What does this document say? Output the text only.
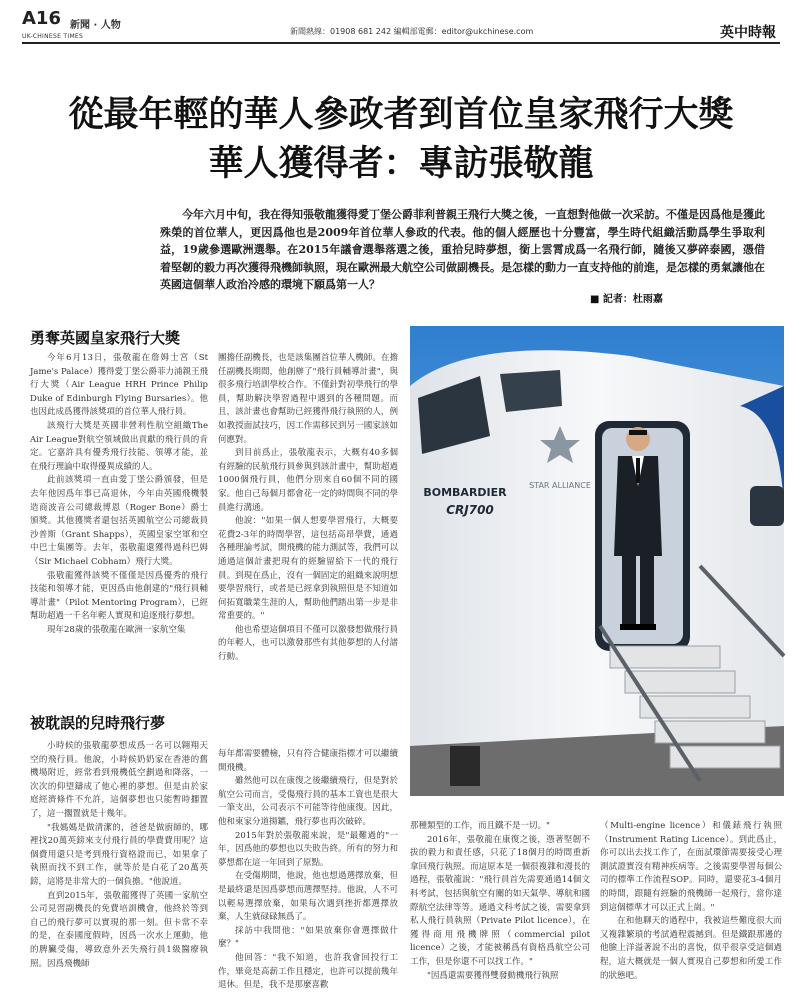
A16 新聞 · 人物
UK-CHINESE TIMES
新聞熱線：01908 681 242 編輯部電郵：editor@ukchinese.com	英中時報
從最年輕的華人參政者到首位皇家飛行大獎
華人獲得者：專訪張敬龍
今年六月中旬，我在得知張敬龍獲得愛丁堡公爵菲利普親王飛行大獎之後，一直想對他做一次采訪。不僅是因爲他是獲此殊榮的首位華人，更因爲他也是2009年首位華人參政的代表。他的個人經歷也十分豐富，學生時代組織活動爲學生爭取利益，19歲參選歐洲選舉。在2015年議會選舉落選之後，重拾兒時夢想，銜上雲霄成爲一名飛行師，隨後又夢碎泰國，憑借着堅韌的毅力再次獲得飛機師執照，現在歐洲最大航空公司做副機長。是怎樣的動力一直支持他的前進，是怎樣的勇氣讓他在英國這個華人政治冷感的環境下願爲第一人？
■ 記者：杜雨嘉
勇奪英國皇家飛行大獎

今年6月13日，張敬龍在詹姆士宮（St Jame's Palace）獲得愛丁堡公爵菲力浦親王飛行大獎（Air League HRH Prince Philip Duke of Edinburgh Flying Bursaries）。他也因此成爲獲得該獎項的首位華人飛行員。

該飛行大獎是英國非營利性航空組織The Air League對航空領域做出貢獻的飛行員的肯定。它嘉許具有優秀飛行技能、領導才能，並在飛行理論中取得優異成績的人。

此前該獎項一直由愛丁堡公爵頒發，但是去年他因爲年事已高退休，今年由英國飛機製造商波音公司總裁博恩（Roger Bone）爵士頒獎。其他獲獎者還包括英國航空公司總裁員沙普斯（Grant Shapps），英國皇家空軍和空中巴士集團等。去年，張敬龍還獲得過科巴姆（Sir Michael Cobham）飛行大獎。

張敬龍獲得該獎不僅僅是因爲優秀的飛行技能和領導才能，更因爲由他創建的"飛行員輔導計畫"（Pilot Mentoring Program），已經幫助超過一千名年輕人實現和追逐飛行夢想。

現年28歲的張敬龍在歐洲一家航空集

團擔任副機長，也是該集團首位華人機師。在擔任副機長期間，他創辦了"飛行員輔導計畫"，與很多飛行培訓學校合作。不僅針對初學飛行的學員，幫助解決學習過程中遇到的各種問題。而且，該計畫也會幫助已經獲得飛行執照的人，例如教授面試技巧，因工作需移民到另一國家該如何應對。

到目前爲止，張敬龍表示，大概有40多個有經驗的民航飛行員參與到該計畫中，幫助超過1000個飛行員，他們分別來自60個不同的國家。他自己每個月都會花一定的時間與不同的學員進行溝通。

他說："如果一個人想要學習飛行，大概要花費2-3年的時間學習，這包括高昂學費，通過各種理論考試，開飛機的能力測試等，我們可以通過這個計畫把現有的經驗留給下一代的飛行員。到現在爲止，沒有一個固定的組織來說明想要學習飛行，或者是已經拿到執照但是不知道如何拓寬職業生涯的人，幫助他們踏出第一步是非常重要的。"

他也希望這個項目不僅可以激發想做飛行員的年輕人，也可以激發那些有其他夢想的人付諸行動。

STAR ALLIANCE
BOMBARDIER
CRJ700
被耽誤的兒時飛行夢

小時候的張敬龍夢想成爲一名可以翱翔天空的飛行員。他說，小時候奶奶家在香港的舊機場附近，經常看到飛機低空劃過和降落，一次次的仰望鑄成了他心裡的夢想。但是由於家庭經濟條件不允許，這個夢想也只能暫時擱置了，這一擱置就是十幾年。

"我媽媽是做清潔的，爸爸是做廚師的，哪裡找20萬英鎊來支付飛行員的學費費用呢？這個費用還只是考到飛行資格證而已，如果拿了執照而找不到工作，就等於是白花了20萬英鎊，這將是非常大的一個負擔。"他說道。

直到2015年，張敬龍獲得了英國一家航空公司見習副機長的免費培訓機會，他終於等到自己的飛行夢可以實現的那一刻。但卡常不幸的是，在泰國度假時，因爲一次水上運動，他的脾臟受傷，導致意外丟失飛行員1級醫療執照。因爲飛機師

每年都需要體檢，只有符合健康指標才可以繼續開飛機。

雖然他可以在康復之後繼續飛行，但是對於航空公司而言，受傷飛行員的基本工資也是很大一筆支出，公司表示不可能等待他康復。因此，他和東家分道揚鑣，飛行夢也再次破碎。

2015年對於張敬龍來說，是"最難過的"一年，因爲他的夢想也以失敗告終。所有的努力和夢想都在這一年回到了原點。

在受傷期間，他說，他也想過選擇放棄，但是最終還是因爲夢想而選擇堅持。他說，人不可以輕易選擇放棄，如果每次遇到挫折都選擇放棄，人生就碌碌無爲了。

採訪中我問他："如果放棄你會選擇做什麼？"

他回答："我不知道，也許我會回投行工作，畢竟是高薪工作且穩定，也許可以提前幾年退休。但是，我不是那麼喜歡

那種類型的工作，而且鐵不是一切。"

2016年，張敬龍在康復之後，憑著堅韌不拔的毅力和責任感，只花了18個月的時間重新拿回飛行執照。而這原本是一個很複雜和漫長的過程，張敬龍說："飛行員首先需要通過14個文科考試，包括與航空有關的如天氣學、導航和國際航空法律等等。通過文科考試之後，需要拿到私人飛行員執照（Private Pilot licence），在獲得商用飛機牌照（commercial pilot licence）之後，才能被稱爲有資格爲航空公司工作，但是你還不可以找工作。"

"因爲還需要獲得雙發動機飛行執照

（Multi-engine licence）和儀錶飛行執照（Instrument Rating Licence）。到此爲止，你可以出去找工作了，在面試環節需要接受心理測試證實沒有精神疾病等。之後需要學習每個公司的標準工作流程SOP。同時，還要花3-4個月的時間，跟隨有經驗的飛機師一起飛行，當你達到這個標準才可以正式上崗。"

在和他聊天的過程中，我被這些難度很大而又複雜繁瑣的考試過程震撼到。但是鐵跟那邊的他臉上洋溢著說不出的喜悅，似乎很享受這個過程，這大概就是一個人實現自己夢想和所愛工作的狀態吧。
